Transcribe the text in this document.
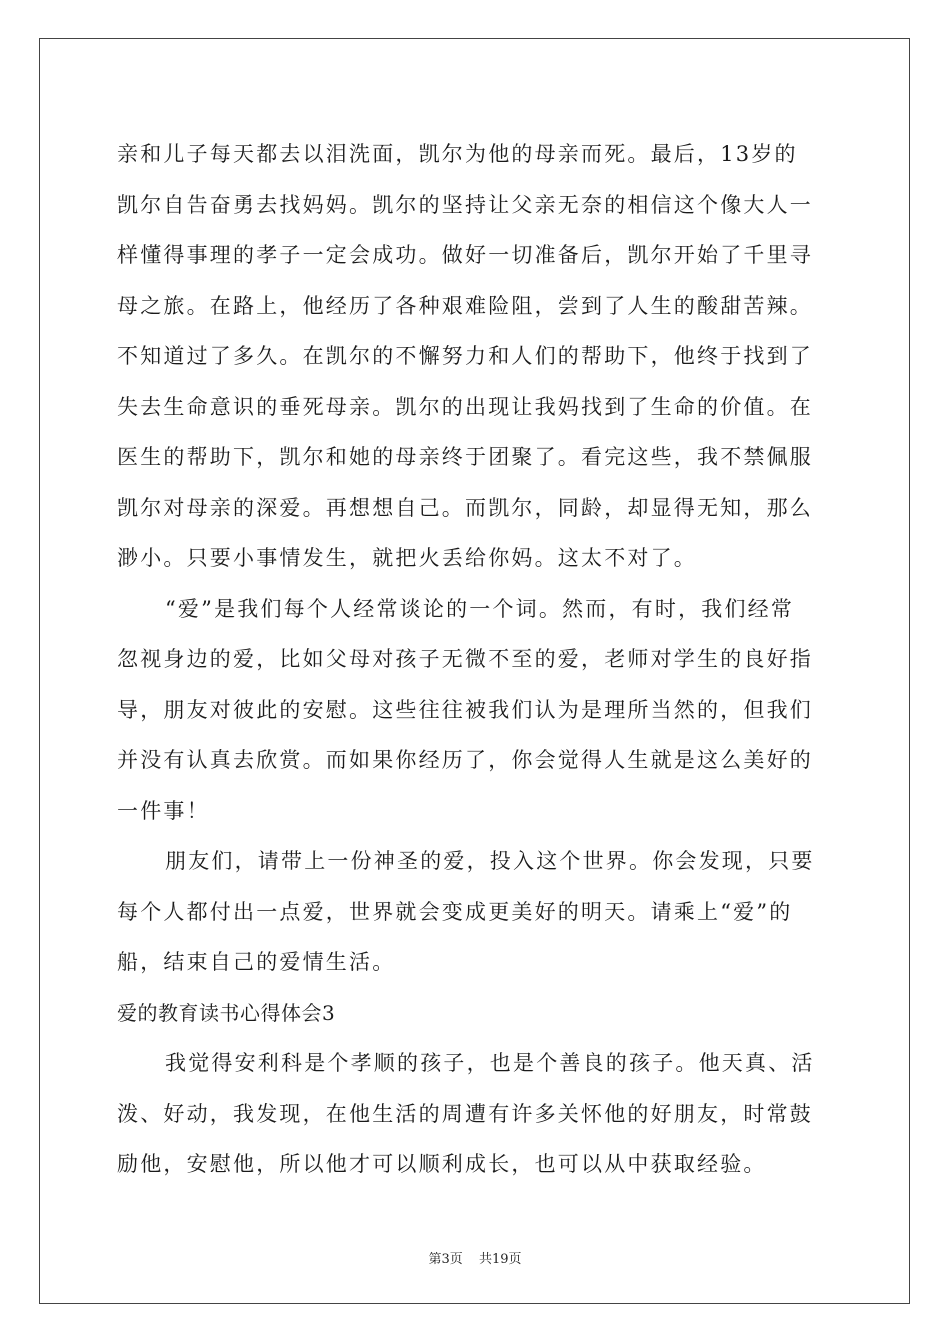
亲和儿子每天都去以泪洗面，凯尔为他的母亲而死。最后，13岁的
凯尔自告奋勇去找妈妈。凯尔的坚持让父亲无奈的相信这个像大人一
样懂得事理的孝子一定会成功。做好一切准备后，凯尔开始了千里寻
母之旅。在路上，他经历了各种艰难险阻，尝到了人生的酸甜苦辣。
不知道过了多久。在凯尔的不懈努力和人们的帮助下，他终于找到了
失去生命意识的垂死母亲。凯尔的出现让我妈找到了生命的价值。在
医生的帮助下，凯尔和她的母亲终于团聚了。看完这些，我不禁佩服
凯尔对母亲的深爱。再想想自己。而凯尔，同龄，却显得无知，那么
渺小。只要小事情发生，就把火丢给你妈。这太不对了。
“爱”是我们每个人经常谈论的一个词。然而，有时，我们经常
忽视身边的爱，比如父母对孩子无微不至的爱，老师对学生的良好指
导，朋友对彼此的安慰。这些往往被我们认为是理所当然的，但我们
并没有认真去欣赏。而如果你经历了，你会觉得人生就是这么美好的
一件事！
朋友们，请带上一份神圣的爱，投入这个世界。你会发现，只要
每个人都付出一点爱，世界就会变成更美好的明天。请乘上“爱”的
船，结束自己的爱情生活。
爱的教育读书心得体会3
我觉得安利科是个孝顺的孩子，也是个善良的孩子。他天真、活
泼、好动，我发现，在他生活的周遭有许多关怀他的好朋友，时常鼓
励他，安慰他，所以他才可以顺利成长，也可以从中获取经验。
第3页 共19页
